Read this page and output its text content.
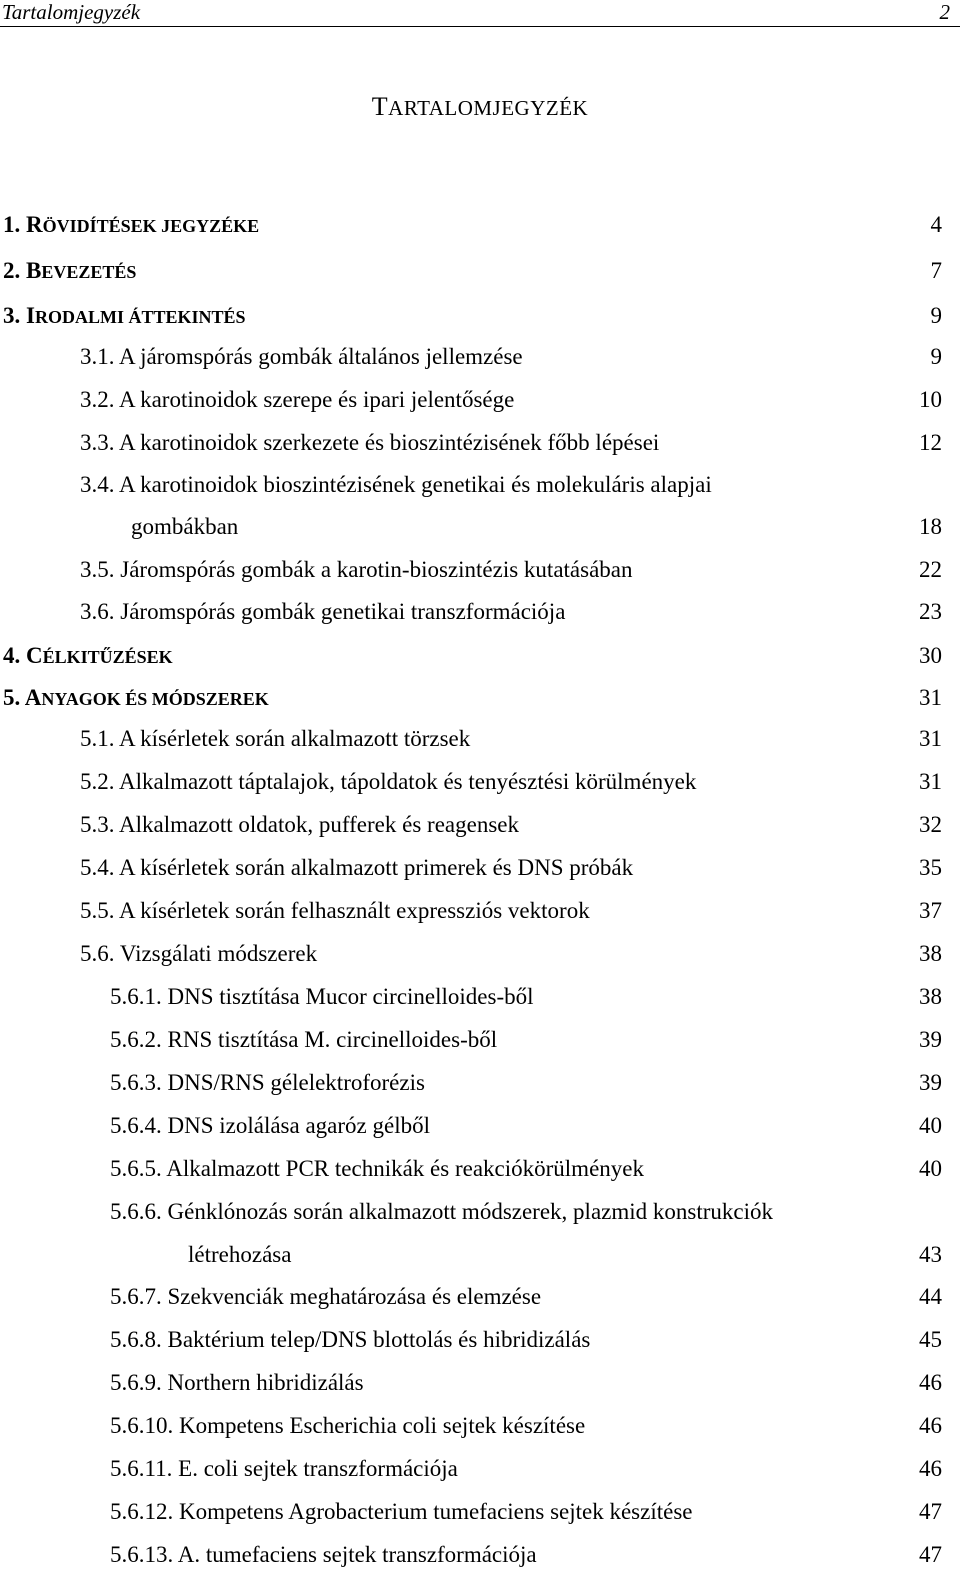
Tartalomjegyzék	2
TARTALOMJEGYZÉK
1. RÖVIDÍTÉSEK JEGYZÉKE	4
2. BEVEZETÉS	7
3. IRODALMI ÁTTEKINTÉS	9
3.1. A járomspórás gombák általános jellemzése	9
3.2. A karotinoidok szerepe és ipari jelentősége	10
3.3. A karotinoidok szerkezete és bioszintézisének főbb lépései	12
3.4. A karotinoidok bioszintézisének genetikai és molekuláris alapjai
gombákban	18
3.5. Járomspórás gombák a karotin-bioszintézis kutatásában	22
3.6. Járomspórás gombák genetikai transzformációja	23
4. CÉLKITŰZÉSEK	30
5. ANYAGOK ÉS MÓDSZEREK	31
5.1. A kísérletek során alkalmazott törzsek	31
5.2. Alkalmazott táptalajok, tápoldatok és tenyésztési körülmények	31
5.3. Alkalmazott oldatok, pufferek és reagensek	32
5.4. A kísérletek során alkalmazott primerek és DNS próbák	35
5.5. A kísérletek során felhasznált expressziós vektorok	37
5.6. Vizsgálati módszerek	38
5.6.1. DNS tisztítása Mucor circinelloides-ből	38
5.6.2. RNS tisztítása M. circinelloides-ből	39
5.6.3. DNS/RNS gélelektroforézis	39
5.6.4. DNS izolálása agaróz gélből	40
5.6.5. Alkalmazott PCR technikák és reakciókörülmények	40
5.6.6. Génklónozás során alkalmazott módszerek, plazmid konstrukciók
létrehozása	43
5.6.7. Szekvenciák meghatározása és elemzése	44
5.6.8. Baktérium telep/DNS blottolás és hibridizálás	45
5.6.9. Northern hibridizálás	46
5.6.10. Kompetens Escherichia coli sejtek készítése	46
5.6.11. E. coli sejtek transzformációja	46
5.6.12. Kompetens Agrobacterium tumefaciens sejtek készítése	47
5.6.13. A. tumefaciens sejtek transzformációja	47
